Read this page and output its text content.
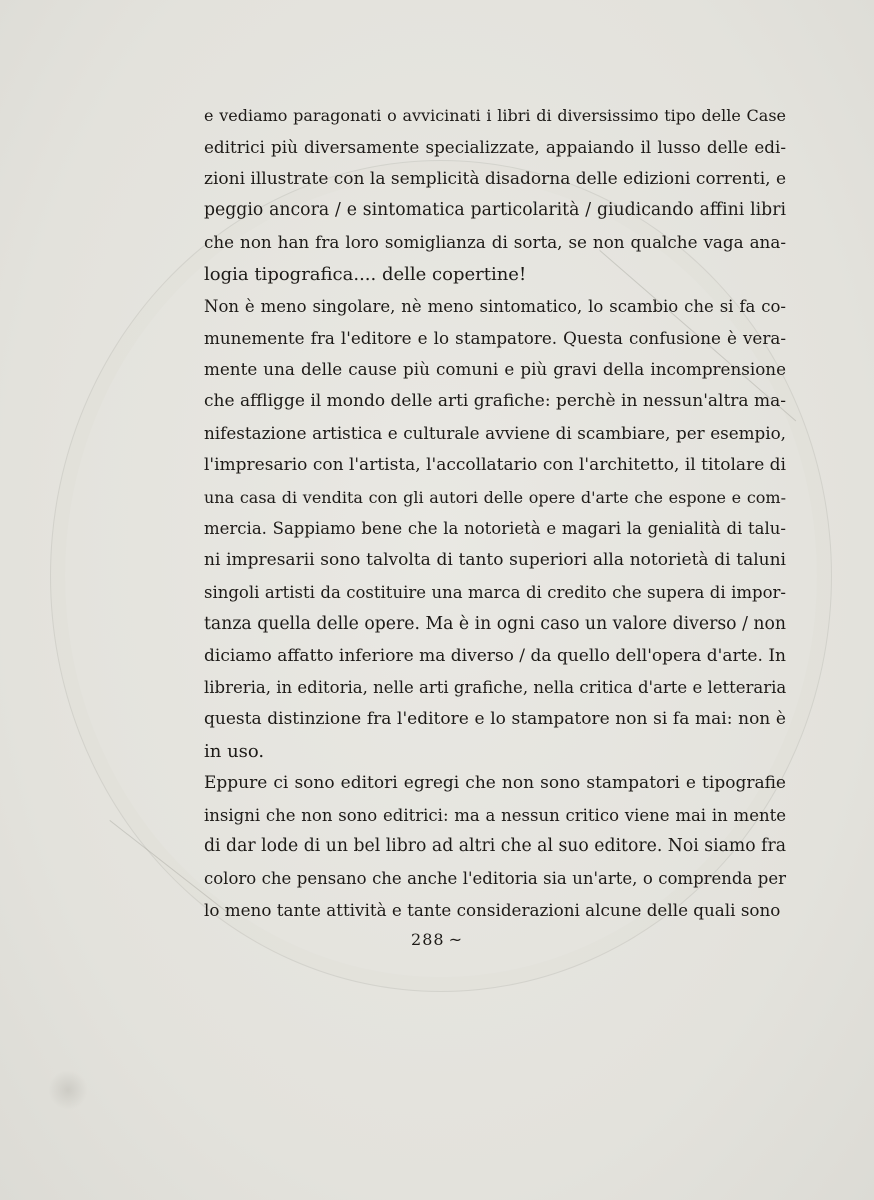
e vediamo paragonati o avvicinati i libri di diversissimo tipo delle Case
editrici più diversamente specializzate, appaiando il lusso delle edi-
zioni illustrate con la semplicità disadorna delle edizioni correnti, e
peggio ancora / e sintomatica particolarità / giudicando affini libri
che non han fra loro somiglianza di sorta, se non qualche vaga ana-
logia tipografica.... delle copertine!
Non è meno singolare, nè meno sintomatico, lo scambio che si fa co-
munemente fra l'editore e lo stampatore. Questa confusione è vera-
mente una delle cause più comuni e più gravi della incomprensione
che affligge il mondo delle arti grafiche: perchè in nessun'altra ma-
nifestazione artistica e culturale avviene di scambiare, per esempio,
l'impresario con l'artista, l'accollatario con l'architetto, il titolare di
una casa di vendita con gli autori delle opere d'arte che espone e com-
mercia. Sappiamo bene che la notorietà e magari la genialità di talu-
ni impresarii sono talvolta di tanto superiori alla notorietà di taluni
singoli artisti da costituire una marca di credito che supera di impor-
tanza quella delle opere. Ma è in ogni caso un valore diverso / non
diciamo affatto inferiore ma diverso / da quello dell'opera d'arte. In
libreria, in editoria, nelle arti grafiche, nella critica d'arte e letteraria
questa distinzione fra l'editore e lo stampatore non si fa mai: non è
in uso.
Eppure ci sono editori egregi che non sono stampatori e tipografie
insigni che non sono editrici: ma a nessun critico viene mai in mente
di dar lode di un bel libro ad altri che al suo editore. Noi siamo fra
coloro che pensano che anche l'editoria sia un'arte, o comprenda per
lo meno tante attività e tante considerazioni alcune delle quali sono
288 ~
